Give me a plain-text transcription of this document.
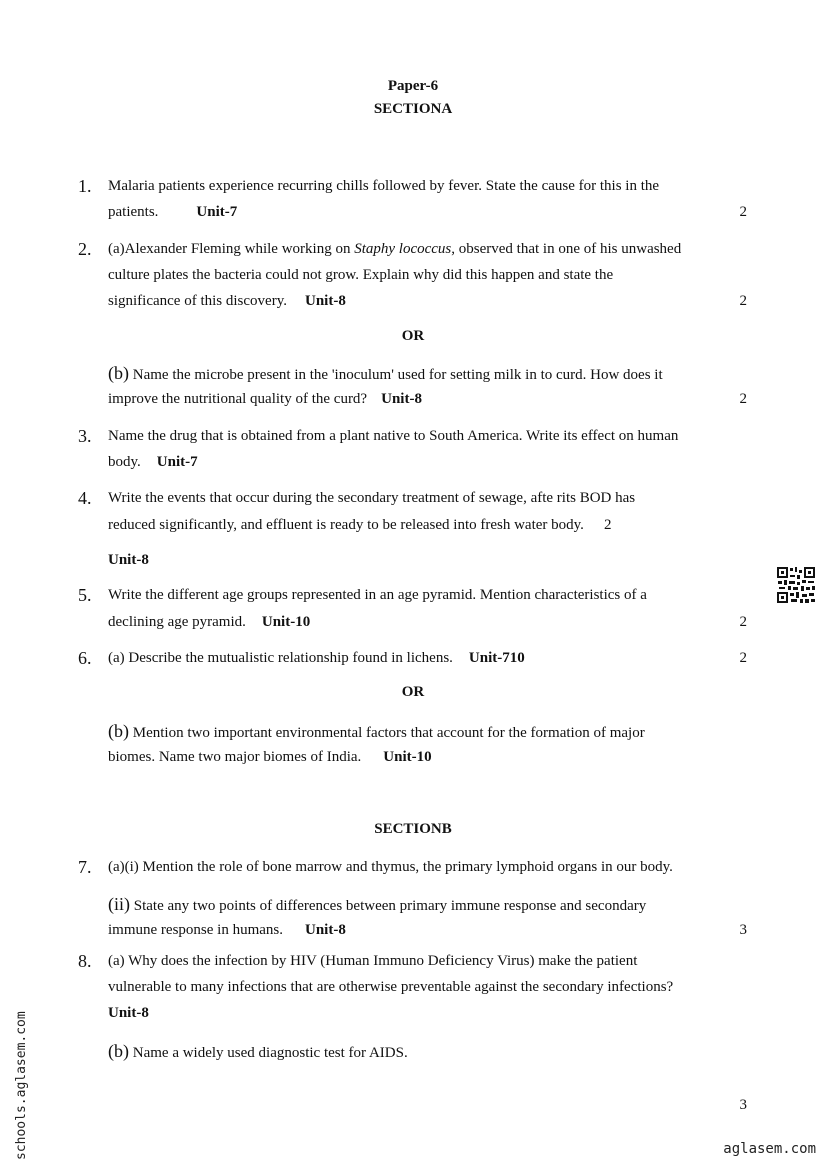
Paper-6
SECTIONA
1. Malaria patients experience recurring chills followed by fever. State the cause for this in the
patients.	Unit-7	2
2. (a)Alexander Fleming while working on Staphy lococcus, observed that in one of his unwashed
culture plates the bacteria could not grow. Explain why did this happen and state the
significance of this discovery. Unit-8	2
OR
(b) Name the microbe present in the 'inoculum' used for setting milk in to curd. How does it
improve the nutritional quality of the curd? Unit-8	2
3. Name the drug that is obtained from a plant native to South America. Write its effect on human
body. Unit-7
4. Write the events that occur during the secondary treatment of sewage, afte rits BOD has
reduced significantly, and effluent is ready to be released into fresh water body. 2
Unit-8
5. Write the different age groups represented in an age pyramid. Mention characteristics of a
declining age pyramid. Unit-10	2
6. (a) Describe the mutualistic relationship found in lichens. Unit-710	2
OR
(b) Mention two important environmental factors that account for the formation of major
biomes. Name two major biomes of India. Unit-10
SECTIONB
7. (a)(i) Mention the role of bone marrow and thymus, the primary lymphoid organs in our body.
(ii) State any two points of differences between primary immune response and secondary
immune response in humans. Unit-8	3
8. (a) Why does the infection by HIV (Human Immuno Deficiency Virus) make the patient
vulnerable to many infections that are otherwise preventable against the secondary infections?
Unit-8
(b) Name a widely used diagnostic test for AIDS.
3
schools.aglasem.com	aglasem.com
